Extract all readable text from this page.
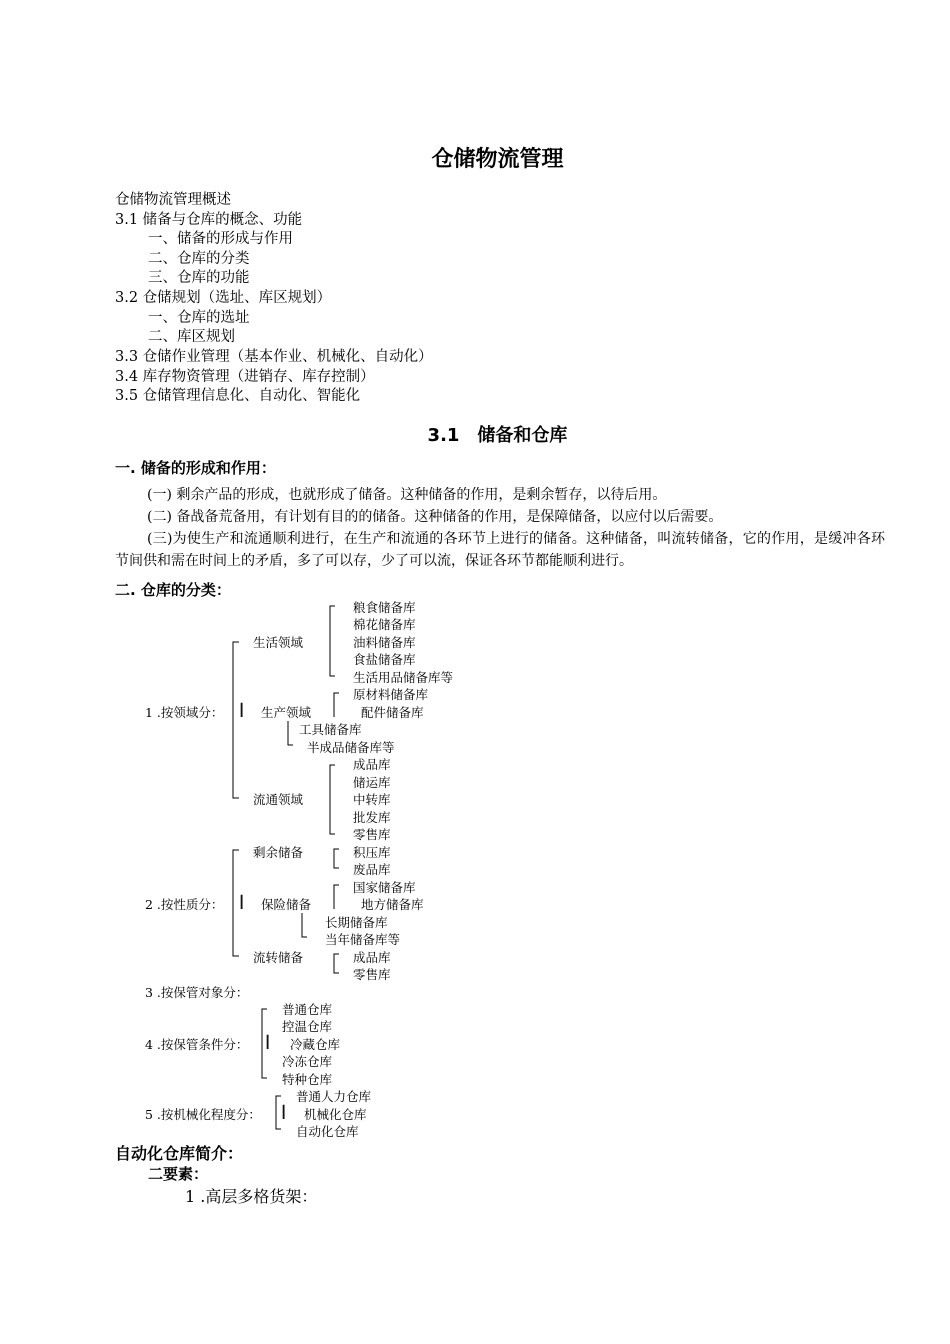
仓储物流管理
仓储物流管理概述
3.1 储备与仓库的概念、功能
一、储备的形成与作用
二、仓库的分类
三、仓库的功能
3.2 仓储规划（选址、库区规划）
一、仓库的选址
二、库区规划
3.3 仓储作业管理（基本作业、机械化、自动化）
3.4 库存物资管理（进销存、库存控制）
3.5 仓储管理信息化、自动化、智能化
3.1　储备和仓库
一. 储备的形成和作用：

(一) 剩余产品的形成，也就形成了储备。这种储备的作用，是剩余暂存，以待后用。

(二) 备战备荒备用，有计划有目的的储备。这种储备的作用，是保障储备，以应付以后需要。

(三)为使生产和流通顺利进行，在生产和流通的各环节上进行的储备。这种储备，叫流转储备，它的作用，是缓冲各环节间供和需在时间上的矛盾，多了可以存，少了可以流，保证各环节都能顺利进行。

二. 仓库的分类：
1 .按领域分： ┃
生活领域
粮食储备库
棉花储备库
油料储备库
食盐储备库
生活用品储备库等
生产领域
原材料储备库
配件储备库
工具储备库
半成品储备库等
流通领域
成品库
储运库
中转库
批发库
零售库
2 .按性质分： ┃
剩余储备	积压库
废品库
保险储备
国家储备库
地方储备库
长期储备库
当年储备库等
流转储备	成品库
零售库
3 .按保管对象分：
4 .按保管条件分： ┃
普通仓库
控温仓库
冷藏仓库
冷冻仓库
特种仓库
5 .按机械化程度分： ┃
普通人力仓库
机械化仓库
自动化仓库
自动化仓库简介：
二要素：
1 .高层多格货架：
